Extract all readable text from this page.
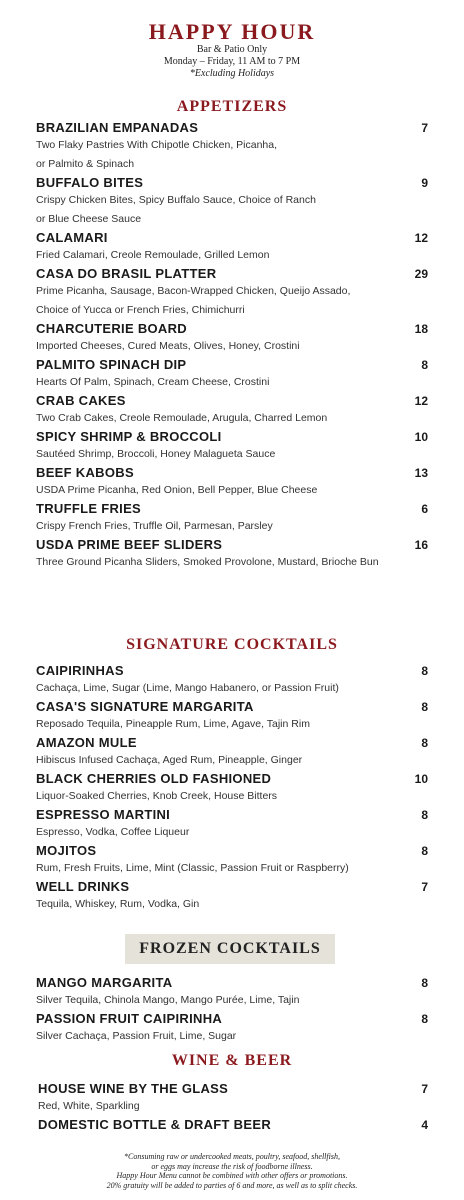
HAPPY HOUR
Bar & Patio Only
Monday – Friday, 11 AM to 7 PM
*Excluding Holidays
APPETIZERS
BRAZILIAN EMPANADAS	7
Two Flaky Pastries With Chipotle Chicken, Picanha,
or Palmito & Spinach
BUFFALO BITES	9
Crispy Chicken Bites, Spicy Buffalo Sauce, Choice of Ranch
or Blue Cheese Sauce
CALAMARI	12
Fried Calamari, Creole Remoulade, Grilled Lemon
CASA DO BRASIL PLATTER	29
Prime Picanha, Sausage, Bacon-Wrapped Chicken, Queijo Assado,
Choice of Yucca or French Fries, Chimichurri
CHARCUTERIE BOARD	18
Imported Cheeses, Cured Meats, Olives, Honey, Crostini
PALMITO SPINACH DIP	8
Hearts Of Palm, Spinach, Cream Cheese, Crostini
CRAB CAKES	12
Two Crab Cakes, Creole Remoulade, Arugula, Charred Lemon
SPICY SHRIMP & BROCCOLI	10
Sautéed Shrimp, Broccoli, Honey Malagueta Sauce
BEEF KABOBS	13
USDA Prime Picanha, Red Onion, Bell Pepper, Blue Cheese
TRUFFLE FRIES	6
Crispy French Fries, Truffle Oil, Parmesan, Parsley
USDA PRIME BEEF SLIDERS	16
Three Ground Picanha Sliders, Smoked Provolone, Mustard, Brioche Bun
SIGNATURE COCKTAILS
CAIPIRINHAS	8
Cachaça, Lime, Sugar (Lime, Mango Habanero, or Passion Fruit)
CASA'S SIGNATURE MARGARITA	8
Reposado Tequila, Pineapple Rum, Lime, Agave, Tajin Rim
AMAZON MULE	8
Hibiscus Infused Cachaça, Aged Rum, Pineapple, Ginger
BLACK CHERRIES OLD FASHIONED	10
Liquor-Soaked Cherries, Knob Creek, House Bitters
ESPRESSO MARTINI	8
Espresso, Vodka, Coffee Liqueur
MOJITOS	8
Rum, Fresh Fruits, Lime, Mint (Classic, Passion Fruit or Raspberry)
WELL DRINKS	7
Tequila, Whiskey, Rum, Vodka, Gin
FROZEN COCKTAILS
MANGO MARGARITA	8
Silver Tequila, Chinola Mango, Mango Purée, Lime, Tajin
PASSION FRUIT CAIPIRINHA	8
Silver Cachaça, Passion Fruit, Lime, Sugar
WINE & BEER
HOUSE WINE BY THE GLASS	7
Red, White, Sparkling
DOMESTIC BOTTLE & DRAFT BEER	4
*Consuming raw or undercooked meats, poultry, seafood, shellfish,
or eggs may increase the risk of foodborne illness.
Happy Hour Menu cannot be combined with other offers or promotions.
20% gratuity will be added to parties of 6 and more, as well as to split checks.
